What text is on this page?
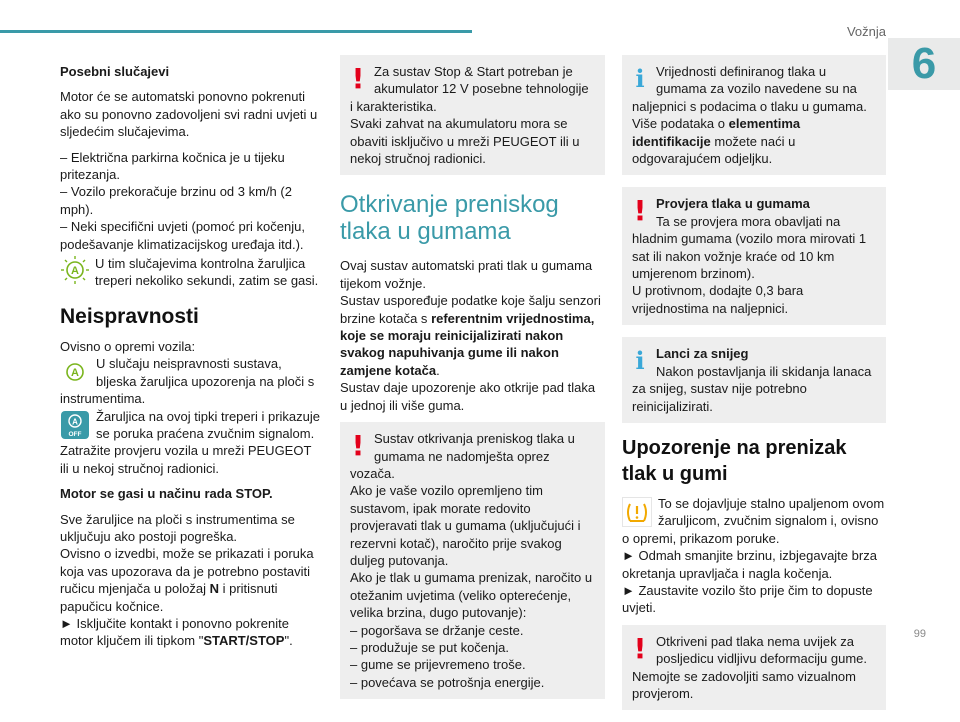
Vožnja
6
99
Posebni slučajevi

Motor će se automatski ponovno pokrenuti ako su ponovno zadovoljeni svi radni uvjeti u sljedećim slučajevima.

– Električna parkirna kočnica je u tijeku pritezanja.
– Vozilo prekoračuje brzinu od 3 km/h (2 mph).
– Neki specifični uvjeti (pomoć pri kočenju, podešavanje klimatizacijskog uređaja itd.).
A U tim slučajevima kontrolna žaruljica treperi nekoliko sekundi, zatim se gasi.
Neispravnosti

Ovisno o opremi vozila:

A
U slučaju neispravnosti sustava, bljeska žaruljica upozorenja na ploči s instrumentima.
A
OFF
Žaruljica na ovoj tipki treperi i prikazuje se poruka praćena zvučnim signalom.

Zatražite provjeru vozila u mreži PEUGEOT ili u nekoj stručnoj radionici.

Motor se gasi u načinu rada STOP.

Sve žaruljice na ploči s instrumentima se uključuju ako postoji pogreška.

Ovisno o izvedbi, može se prikazati i poruka koja vas upozorava da je potrebno postaviti ručicu mjenjača u položaj N i pritisnuti papučicu kočnice.

► Isključite kontakt i ponovno pokrenite motor ključem ili tipkom "START/STOP".

! Za sustav Stop & Start potreban je akumulator 12 V posebne tehnologije i karakteristika.
Svaki zahvat na akumulatoru mora se obaviti isključivo u mreži PEUGEOT ili u nekoj stručnoj radionici.
Otkrivanje preniskog tlaka u gumama

Ovaj sustav automatski prati tlak u gumama tijekom vožnje.

Sustav uspoređuje podatke koje šalju senzori brzine kotača s referentnim vrijednostima, koje se moraju reinicijalizirati nakon svakog napuhivanja gume ili nakon zamjene kotača.

Sustav daje upozorenje ako otkrije pad tlaka u jednoj ili više guma.

! Sustav otkrivanja preniskog tlaka u gumama ne nadomješta oprez vozača.
Ako je vaše vozilo opremljeno tim sustavom, ipak morate redovito provjeravati tlak u gumama (uključujući i rezervni kotač), naročito prije svakog duljeg putovanja.
Ako je tlak u gumama prenizak, naročito u otežanim uvjetima (veliko opterećenje, velika brzina, dugo putovanje):
– pogoršava se držanje ceste.
– produžuje se put kočenja.
– gume se prijevremeno troše.
– povećava se potrošnja energije.
i Vrijednosti definiranog tlaka u gumama za vozilo navedene su na naljepnici s podacima o tlaku u gumama.
Više podataka o elementima identifikacije možete naći u odgovarajućem odjeljku.
! Provjera tlaka u gumama
Ta se provjera mora obavljati na hladnim gumama (vozilo mora mirovati 1 sat ili nakon vožnje kraće od 10 km umjerenom brzinom).
U protivnom, dodajte 0,3 bara vrijednostima na naljepnici.
i Lanci za snijeg
Nakon postavljanja ili skidanja lanaca za snijeg, sustav nije potrebno reinicijalizirati.
Upozorenje na prenizak tlak u gumi
To se dojavljuje stalno upaljenom ovom žaruljicom, zvučnim signalom i, ovisno o opremi, prikazom poruke.

► Odmah smanjite brzinu, izbjegavajte brza okretanja upravljača i nagla kočenja.

► Zaustavite vozilo što prije čim to dopuste uvjeti.

! Otkriveni pad tlaka nema uvijek za posljedicu vidljivu deformaciju gume.
Nemojte se zadovoljiti samo vizualnom provjerom.
